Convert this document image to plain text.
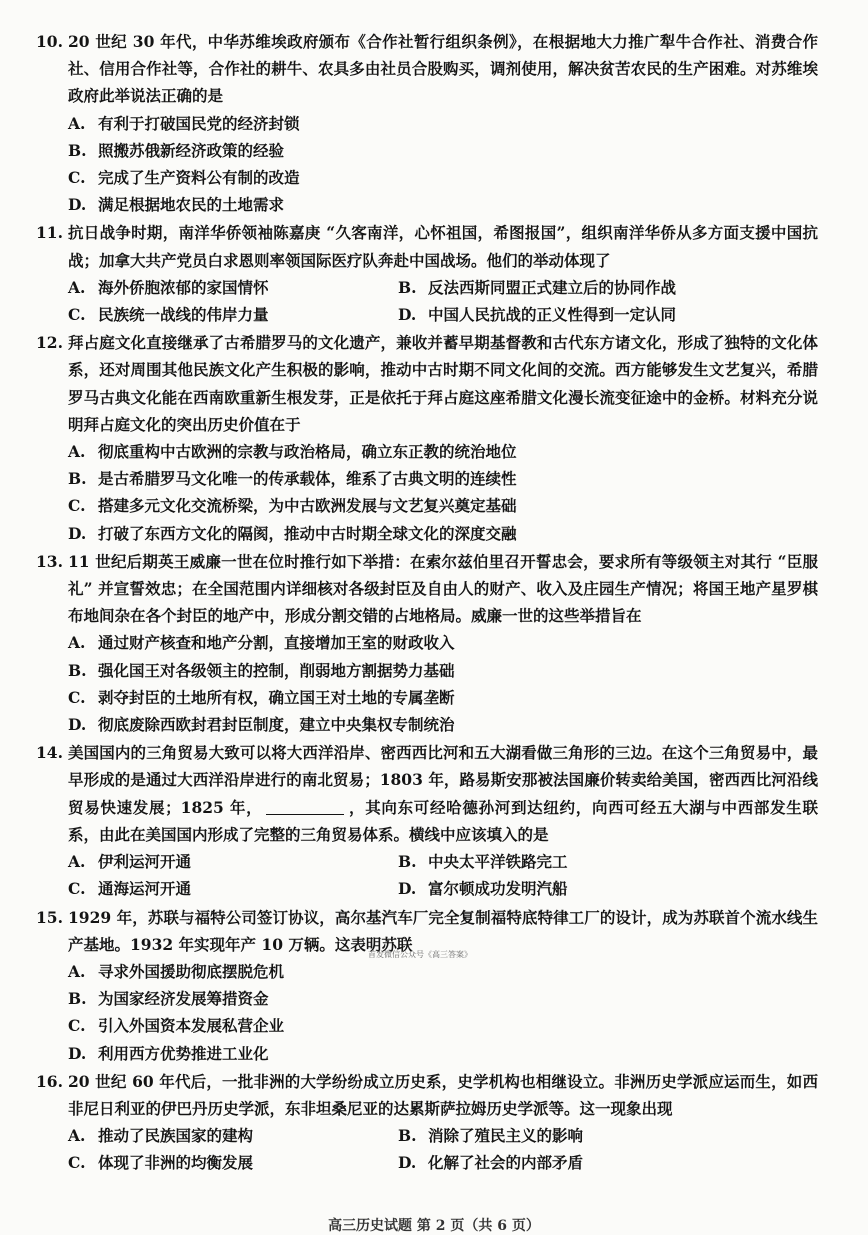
10. 20 世纪 30 年代，中华苏维埃政府颁布《合作社暂行组织条例》，在根据地大力推广犁牛合作社、消费合作社、信用合作社等，合作社的耕牛、农具多由社员合股购买，调剂使用，解决贫苦农民的生产困难。对苏维埃政府此举说法正确的是
A. 有利于打破国民党的经济封锁
B. 照搬苏俄新经济政策的经验
C. 完成了生产资料公有制的改造
D. 满足根据地农民的土地需求
11. 抗日战争时期，南洋华侨领袖陈嘉庚 “久客南洋，心怀祖国，希图报国”，组织南洋华侨从多方面支援中国抗战；加拿大共产党员白求恩则率领国际医疗队奔赴中国战场。他们的举动体现了
A. 海外侨胞浓郁的家国情怀	B. 反法西斯同盟正式建立后的协同作战
C. 民族统一战线的伟岸力量	D. 中国人民抗战的正义性得到一定认同
12. 拜占庭文化直接继承了古希腊罗马的文化遗产，兼收并蓄早期基督教和古代东方诸文化，形成了独特的文化体系，还对周围其他民族文化产生积极的影响，推动中古时期不同文化间的交流。西方能够发生文艺复兴，希腊罗马古典文化能在西南欧重新生根发芽，正是依托于拜占庭这座希腊文化漫长流变征途中的金桥。材料充分说明拜占庭文化的突出历史价值在于
A. 彻底重构中古欧洲的宗教与政治格局，确立东正教的统治地位
B. 是古希腊罗马文化唯一的传承载体，维系了古典文明的连续性
C. 搭建多元文化交流桥梁，为中古欧洲发展与文艺复兴奠定基础
D. 打破了东西方文化的隔阂，推动中古时期全球文化的深度交融
13. 11 世纪后期英王威廉一世在位时推行如下举措：在索尔兹伯里召开誓忠会，要求所有等级领主对其行 “臣服礼” 并宣誓效忠；在全国范围内详细核对各级封臣及自由人的财产、收入及庄园生产情况；将国王地产星罗棋布地间杂在各个封臣的地产中，形成分割交错的占地格局。威廉一世的这些举措旨在
A. 通过财产核查和地产分割，直接增加王室的财政收入
B. 强化国王对各级领主的控制，削弱地方割据势力基础
C. 剥夺封臣的土地所有权，确立国王对土地的专属垄断
D. 彻底废除西欧封君封臣制度，建立中央集权专制统治
14. 美国国内的三角贸易大致可以将大西洋沿岸、密西西比河和五大湖看做三角形的三边。在这个三角贸易中，最早形成的是通过大西洋沿岸进行的南北贸易；1803 年，路易斯安那被法国廉价转卖给美国，密西西比河沿线贸易快速发展；1825 年，	，其向东可经哈德孙河到达纽约，向西可经五大湖与中西部发生联系，由此在美国国内形成了完整的三角贸易体系。横线中应该填入的是
A. 伊利运河开通	B. 中央太平洋铁路完工
C. 通海运河开通	D. 富尔顿成功发明汽船
15. 1929 年，苏联与福特公司签订协议，高尔基汽车厂完全复制福特底特律工厂的设计，成为苏联首个流水线生产基地。1932 年实现年产 10 万辆。这表明苏联
A. 寻求外国援助彻底摆脱危机
B. 为国家经济发展筹措资金
C. 引入外国资本发展私营企业
D. 利用西方优势推进工业化
16. 20 世纪 60 年代后，一批非洲的大学纷纷成立历史系，史学机构也相继设立。非洲历史学派应运而生，如西非尼日利亚的伊巴丹历史学派，东非坦桑尼亚的达累斯萨拉姆历史学派等。这一现象出现
A. 推动了民族国家的建构	B. 消除了殖民主义的影响
C. 体现了非洲的均衡发展	D. 化解了社会的内部矛盾
首发微信公众号《高三答案》
高三历史试题 第 2 页（共 6 页）
